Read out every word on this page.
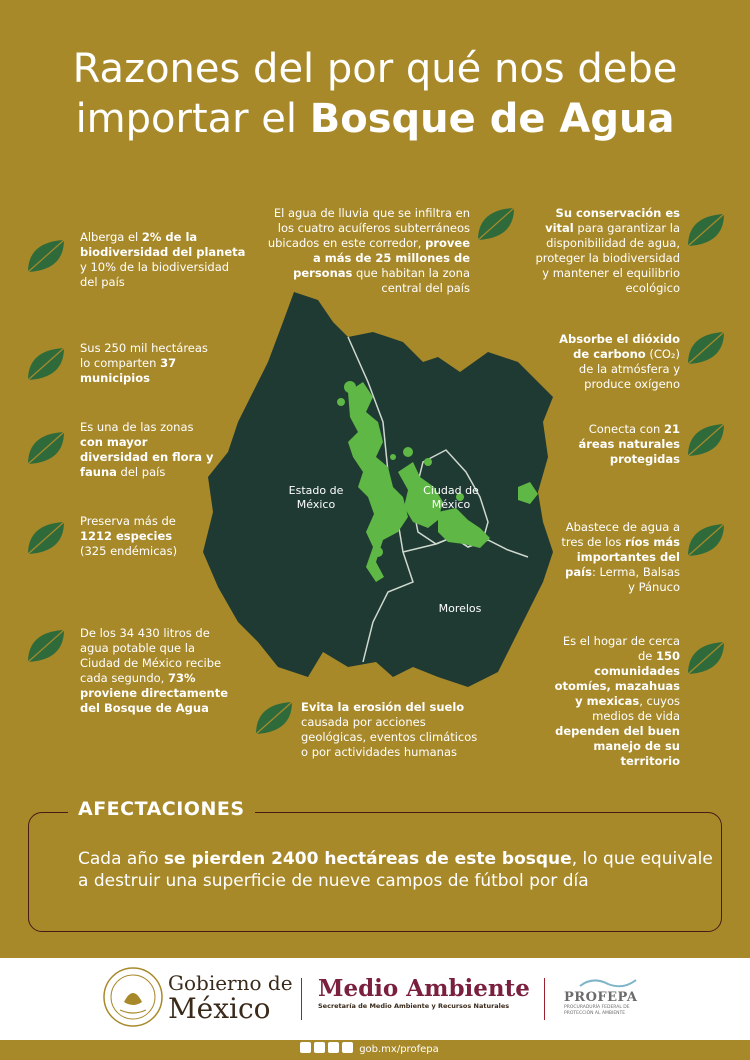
Razones del por qué nos debe
importar el Bosque de Agua
Estado de México
Ciudad de México
Morelos
Alberga el 2% de la biodiversidad del planeta y 10% de la biodiversidad del país
Sus 250 mil hectáreas lo comparten 37 municipios
Es una de las zonas con mayor diversidad en flora y fauna del país
Preserva más de 1212 especies (325 endémicas)
De los 34 430 litros de agua potable que la Ciudad de México recibe cada segundo, 73% proviene directamente del Bosque de Agua
El agua de lluvia que se infiltra en los cuatro acuíferos subterráneos ubicados en este corredor, provee a más de 25 millones de personas que habitan la zona central del país
Su conservación es vital para garantizar la disponibilidad de agua, proteger la biodiversidad y mantener el equilibrio ecológico
Absorbe el dióxido de carbono (CO₂) de la atmósfera y produce oxígeno
Conecta con 21 áreas naturales protegidas
Abastece de agua a tres de los ríos más importantes del país: Lerma, Balsas y Pánuco
Es el hogar de cerca de 150 comunidades otomíes, mazahuas y mexicas, cuyos medios de vida dependen del buen manejo de su territorio
Evita la erosión del suelo causada por acciones geológicas, eventos climáticos o por actividades humanas
AFECTACIONES
Cada año se pierden 2400 hectáreas de este bosque, lo que equivale a destruir una superficie de nueve campos de fútbol por día
Gobierno de
México
Medio Ambiente
Secretaría de Medio Ambiente y Recursos Naturales
PROFEPA
PROCURADURÍA FEDERAL DE PROTECCIÓN AL AMBIENTE
gob.mx/profepa
